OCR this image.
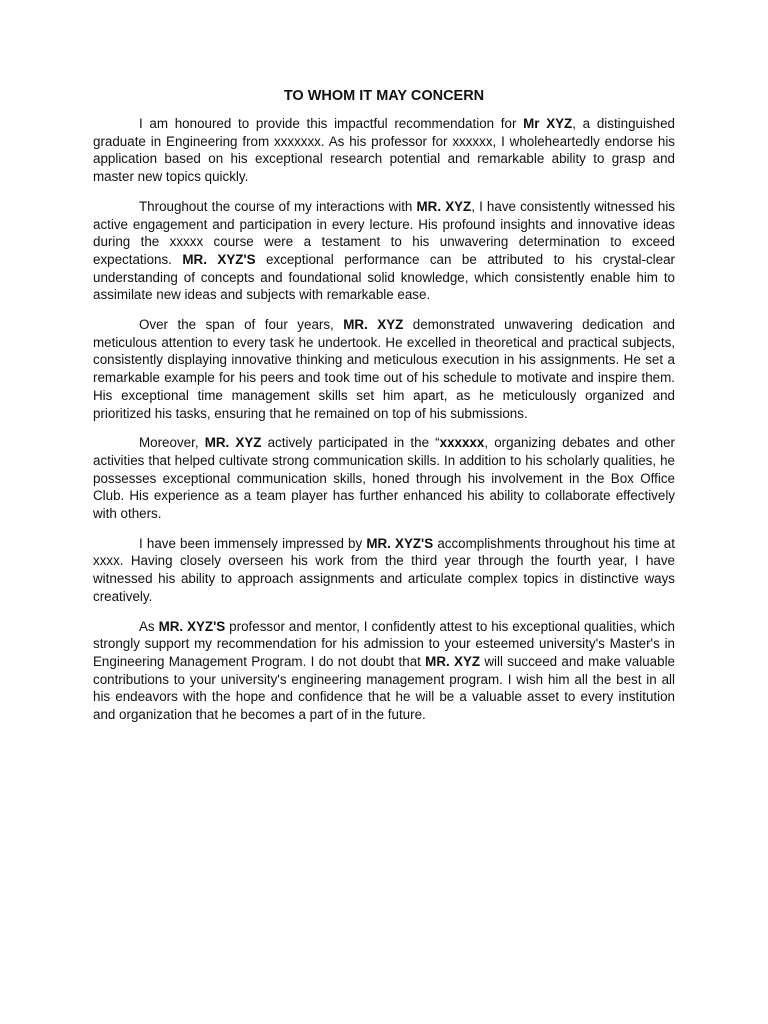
TO WHOM IT MAY CONCERN

I am honoured to provide this impactful recommendation for Mr XYZ, a distinguished graduate in Engineering from xxxxxxx. As his professor for xxxxxx, I wholeheartedly endorse his application based on his exceptional research potential and remarkable ability to grasp and master new topics quickly.

Throughout the course of my interactions with MR. XYZ, I have consistently witnessed his active engagement and participation in every lecture. His profound insights and innovative ideas during the xxxxx course were a testament to his unwavering determination to exceed expectations. MR. XYZ'S exceptional performance can be attributed to his crystal-clear understanding of concepts and foundational solid knowledge, which consistently enable him to assimilate new ideas and subjects with remarkable ease.

Over the span of four years, MR. XYZ demonstrated unwavering dedication and meticulous attention to every task he undertook. He excelled in theoretical and practical subjects, consistently displaying innovative thinking and meticulous execution in his assignments. He set a remarkable example for his peers and took time out of his schedule to motivate and inspire them. His exceptional time management skills set him apart, as he meticulously organized and prioritized his tasks, ensuring that he remained on top of his submissions.

Moreover, MR. XYZ actively participated in the “xxxxxx, organizing debates and other activities that helped cultivate strong communication skills. In addition to his scholarly qualities, he possesses exceptional communication skills, honed through his involvement in the Box Office Club. His experience as a team player has further enhanced his ability to collaborate effectively with others.

I have been immensely impressed by MR. XYZ'S accomplishments throughout his time at xxxx. Having closely overseen his work from the third year through the fourth year, I have witnessed his ability to approach assignments and articulate complex topics in distinctive ways creatively.

As MR. XYZ'S professor and mentor, I confidently attest to his exceptional qualities, which strongly support my recommendation for his admission to your esteemed university's Master's in Engineering Management Program. I do not doubt that MR. XYZ will succeed and make valuable contributions to your university's engineering management program. I wish him all the best in all his endeavors with the hope and confidence that he will be a valuable asset to every institution and organization that he becomes a part of in the future.
